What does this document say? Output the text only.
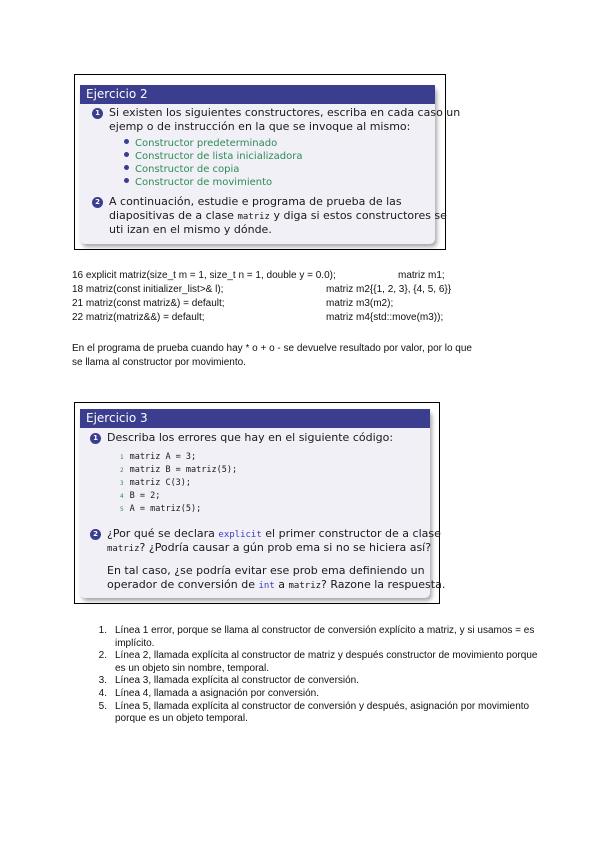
Ejercicio 2
1 Si existen los siguientes constructores, escriba en cada caso un
ejemp o de instrucción en la que se invoque al mismo:
Constructor predeterminado
Constructor de lista inicializadora
Constructor de copia
Constructor de movimiento
2 A continuación, estudie e programa de prueba de las
diapositivas de a clase matriz y diga si estos constructores se
uti izan en el mismo y dónde.
16 explicit matriz(size_t m = 1, size_t n = 1, double y = 0.0);	matriz m1;
18 matriz(const initializer_list>& l);	matriz m2{{1, 2, 3}, {4, 5, 6}}
21 matriz(const matriz&) = default;	matriz m3(m2);
22 matriz(matriz&&) = default;	matriz m4{std::move(m3));
En el programa de prueba cuando hay * o + o - se devuelve resultado por valor, por lo que
se llama al constructor por movimiento.
Ejercicio 3
1 Describa los errores que hay en el siguiente código:
1 matriz A = 3;
2 matriz B = matriz(5);
3 matriz C(3);
4 B = 2;
5 A = matriz(5);
2 ¿Por qué se declara explicit el primer constructor de a clase
matriz? ¿Podría causar a gún prob ema si no se hiciera así?
En tal caso, ¿se podría evitar ese prob ema definiendo un
operador de conversión de int a matriz? Razone la respuesta.
1. Línea 1 error, porque se llama al constructor de conversión explícito a matriz, y si usamos = es implícito.
2. Línea 2, llamada explícita al constructor de matriz y después constructor de movimiento porque es un objeto sin nombre, temporal.
3. Línea 3, llamada explícita al constructor de conversión.
4. Línea 4, llamada a asignación por conversión.
5. Línea 5, llamada explícita al constructor de conversión y después, asignación por movimiento porque es un objeto temporal.
